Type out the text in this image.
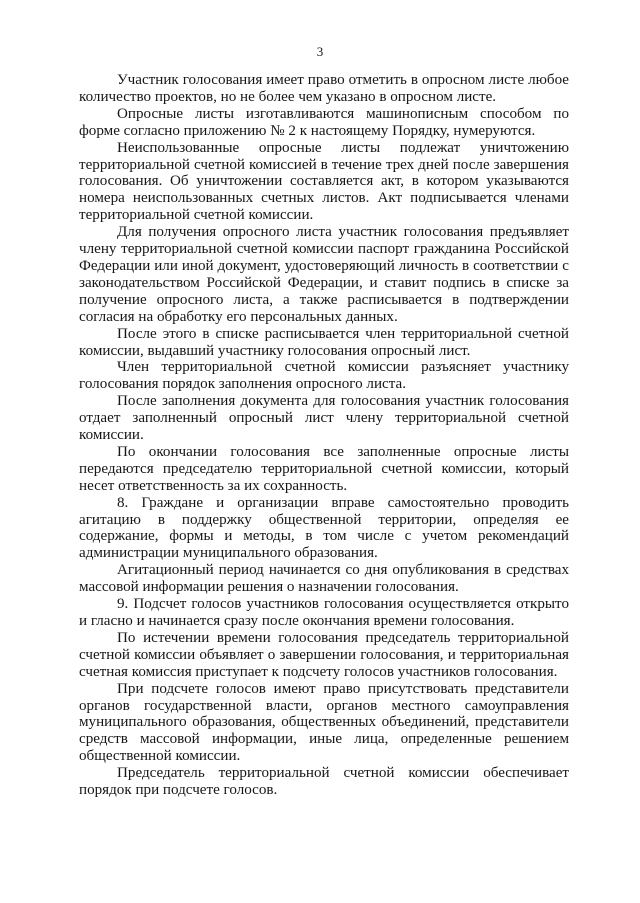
3

Участник голосования имеет право отметить в опросном листе любое количество проектов, но не более чем указано в опросном листе.

Опросные листы изготавливаются машинописным способом по форме согласно приложению № 2 к настоящему Порядку, нумеруются.

Неиспользованные опросные листы подлежат уничтожению территориальной счетной комиссией в течение трех дней после завершения голосования. Об уничтожении составляется акт, в котором указываются номера неиспользованных счетных листов. Акт подписывается членами территориальной счетной комиссии.

Для получения опросного листа участник голосования предъявляет члену территориальной счетной комиссии паспорт гражданина Российской Федерации или иной документ, удостоверяющий личность в соответствии с законодательством Российской Федерации, и ставит подпись в списке за получение опросного листа, а также расписывается в подтверждении согласия на обработку его персональных данных.

После этого в списке расписывается член территориальной счетной комиссии, выдавший участнику голосования опросный лист.

Член территориальной счетной комиссии разъясняет участнику голосования порядок заполнения опросного листа.

После заполнения документа для голосования участник голосования отдает заполненный опросный лист члену территориальной счетной комиссии.

По окончании голосования все заполненные опросные листы передаются председателю территориальной счетной комиссии, который несет ответственность за их сохранность.

8. Граждане и организации вправе самостоятельно проводить агитацию в поддержку общественной территории, определяя ее содержание, формы и методы, в том числе с учетом рекомендаций администрации муниципального образования.

Агитационный период начинается со дня опубликования в средствах массовой информации решения о назначении голосования.

9. Подсчет голосов участников голосования осуществляется открыто и гласно и начинается сразу после окончания времени голосования.

По истечении времени голосования председатель территориальной счетной комиссии объявляет о завершении голосования, и территориальная счетная комиссия приступает к подсчету голосов участников голосования.

При подсчете голосов имеют право присутствовать представители органов государственной власти, органов местного самоуправления муниципального образования, общественных объединений, представители средств массовой информации, иные лица, определенные решением общественной комиссии.

Председатель территориальной счетной комиссии обеспечивает порядок при подсчете голосов.
